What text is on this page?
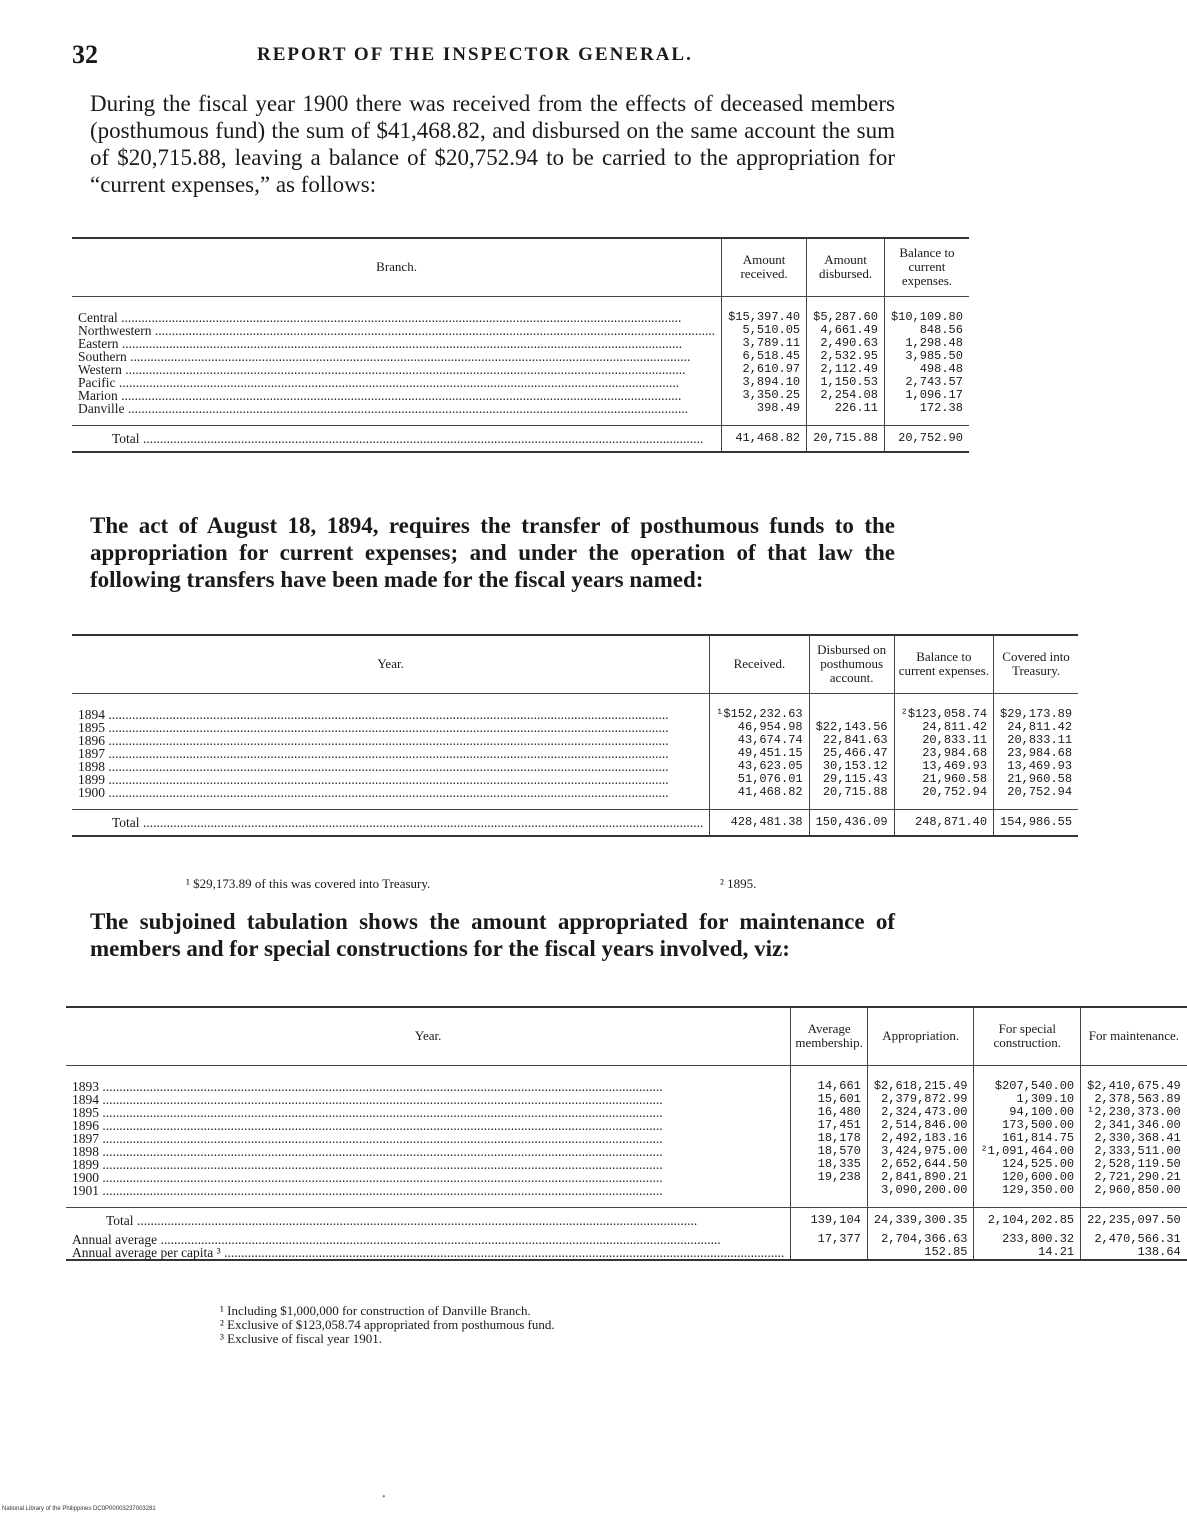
32	REPORT OF THE INSPECTOR GENERAL.

During the fiscal year 1900 there was received from the effects of deceased members (posthumous fund) the sum of $41,468.82, and disbursed on the same account the sum of $20,715.88, leaving a balance of $20,752.94 to be carried to the appropriation for “current expenses,” as follows:

Branch.	Amount received.	Amount disbursed.	Balance to current expenses.

Central .....	$15,397.40	$5,287.60	$10,109.80

Northwestern .....	5,510.05	4,661.49	848.56

Eastern .....	3,789.11	2,490.63	1,298.48

Southern .....	6,518.45	2,532.95	3,985.50

Western .....	2,610.97	2,112.49	498.48

Pacific .....	3,894.10	1,150.53	2,743.57

Marion .....	3,350.25	2,254.08	1,096.17

Danville .....	398.49	226.11	172.38

Total .....	41,468.82	20,715.88	20,752.90

The act of August 18, 1894, requires the transfer of posthumous funds to the appropriation for current expenses; and under the operation of that law the following transfers have been made for the fiscal years named:

Year.	Received.	Disbursed on posthumous account.	Balance to current expenses.	Covered into Treasury.

1894 .....	¹$152,232.63		²$123,058.74	$29,173.89

1895 .....	46,954.98	$22,143.56	24,811.42	24,811.42

1896 .....	43,674.74	22,841.63	20,833.11	20,833.11

1897 .....	49,451.15	25,466.47	23,984.68	23,984.68

1898 .....	43,623.05	30,153.12	13,469.93	13,469.93

1899 .....	51,076.01	29,115.43	21,960.58	21,960.58

1900 .....	41,468.82	20,715.88	20,752.94	20,752.94

Total .....	428,481.38	150,436.09	248,871.40	154,986.55
¹ $29,173.89 of this was covered into Treasury.	² 1895.

The subjoined tabulation shows the amount appropriated for maintenance of members and for special constructions for the fiscal years involved, viz:

Year.	Average membership.	Appropriation.	For special construction.	For maintenance.

1893 .....	14,661	$2,618,215.49	$207,540.00	$2,410,675.49

1894 .....	15,601	2,379,872.99	1,309.10	2,378,563.89

1895 .....	16,480	2,324,473.00	94,100.00	¹2,230,373.00

1896 .....	17,451	2,514,846.00	173,500.00	2,341,346.00

1897 .....	18,178	2,492,183.16	161,814.75	2,330,368.41

1898 .....	18,570	3,424,975.00	²1,091,464.00	2,333,511.00

1899 .....	18,335	2,652,644.50	124,525.00	2,528,119.50

1900 .....	19,238	2,841,890.21	120,600.00	2,721,290.21

1901 .....		3,090,200.00	129,350.00	2,960,850.00

Total .....	139,104	24,339,300.35	2,104,202.85	22,235,097.50

Annual average .....	17,377	2,704,366.63	233,800.32	2,470,566.31

Annual average per capita ³ .....		152.85	14.21	138.64
¹ Including $1,000,000 for construction of Danville Branch.
² Exclusive of $123,058.74 appropriated from posthumous fund.
³ Exclusive of fiscal year 1901.
•
National Library of the Philippines DC0P00003237003281
